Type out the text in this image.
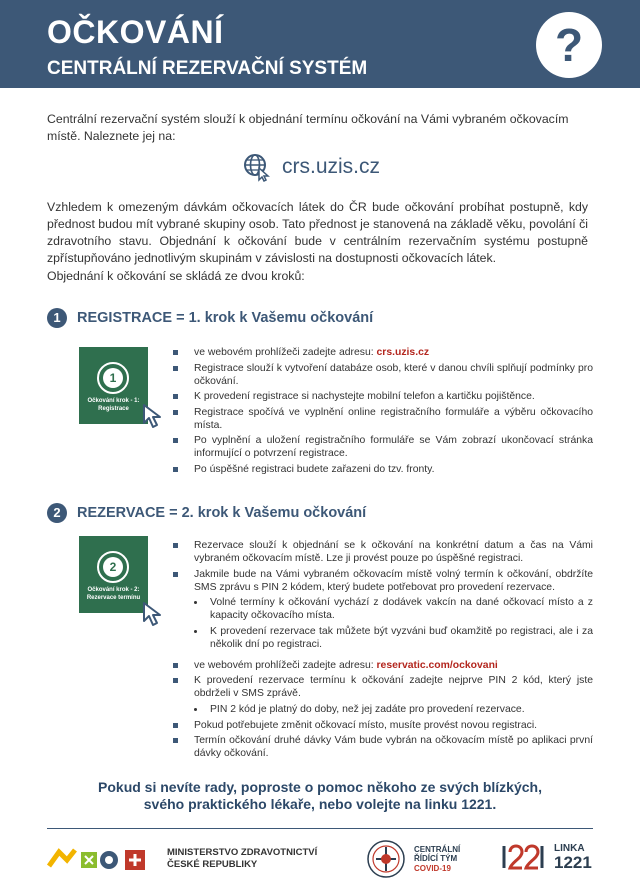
OČKOVÁNÍ
CENTRÁLNÍ REZERVAČNÍ SYSTÉM	?
Centrální rezervační systém slouží k objednání termínu očkování na Vámi vybraném očkovacím místě. Naleznete jej na:
crs.uzis.cz
Vzhledem k omezeným dávkám očkovacích látek do ČR bude očkování probíhat postupně, kdy přednost budou mít vybrané skupiny osob. Tato přednost je stanovená na základě věku, povolání či zdravotního stavu. Objednání k očkování bude v centrálním rezervačním systému postupně zpřístupňováno jednotlivým skupinám v závislosti na dostupnosti očkovacích látek.
Objednání k očkování se skládá ze dvou kroků:
1	REGISTRACE = 1. krok k Vašemu očkování
1
Očkování krok - 1:
Registrace
ve webovém prohlížeči zadejte adresu: crs.uzis.cz
Registrace slouží k vytvoření databáze osob, které v danou chvíli splňují podmínky pro očkování.
K provedení registrace si nachystejte mobilní telefon a kartičku pojištěnce.
Registrace spočívá ve vyplnění online registračního formuláře a výběru očkovacího místa.
Po vyplnění a uložení registračního formuláře se Vám zobrazí ukončovací stránka informující o potvrzení registrace.
Po úspěšné registraci budete zařazeni do tzv. fronty.
2	REZERVACE = 2. krok k Vašemu očkování
2
Očkování krok - 2:
Rezervace termínu
Rezervace slouží k objednání se k očkování na konkrétní datum a čas na Vámi vybraném očkovacím místě. Lze ji provést pouze po úspěšné registraci.
Jakmile bude na Vámi vybraném očkovacím místě volný termín k očkování, obdržíte SMS zprávu s PIN 2 kódem, který budete potřebovat pro provedení rezervace.
Volné termíny k očkování vychází z dodávek vakcín na dané očkovací místo a z kapacity očkovacího místa.
K provedení rezervace tak můžete být vyzváni buď okamžitě po registraci, ale i za několik dní po registraci.
ve webovém prohlížeči zadejte adresu: reservatic.com/ockovani
K provedení rezervace termínu k očkování zadejte nejprve PIN 2 kód, který jste obdrželi v SMS zprávě.
PIN 2 kód je platný do doby, než jej zadáte pro provedení rezervace.
Pokud potřebujete změnit očkovací místo, musíte provést novou registraci.
Termín očkování druhé dávky Vám bude vybrán na očkovacím místě po aplikaci první dávky očkování.
Pokud si nevíte rady, poproste o pomoc někoho ze svých blízkých,
svého praktického lékaře, nebo volejte na linku 1221.
MINISTERSTVO ZDRAVOTNICTVÍ
ČESKÉ REPUBLIKY
CENTRÁLNÍ
ŘÍDÍCÍ TÝM
COVID-19
LINKA
1221
